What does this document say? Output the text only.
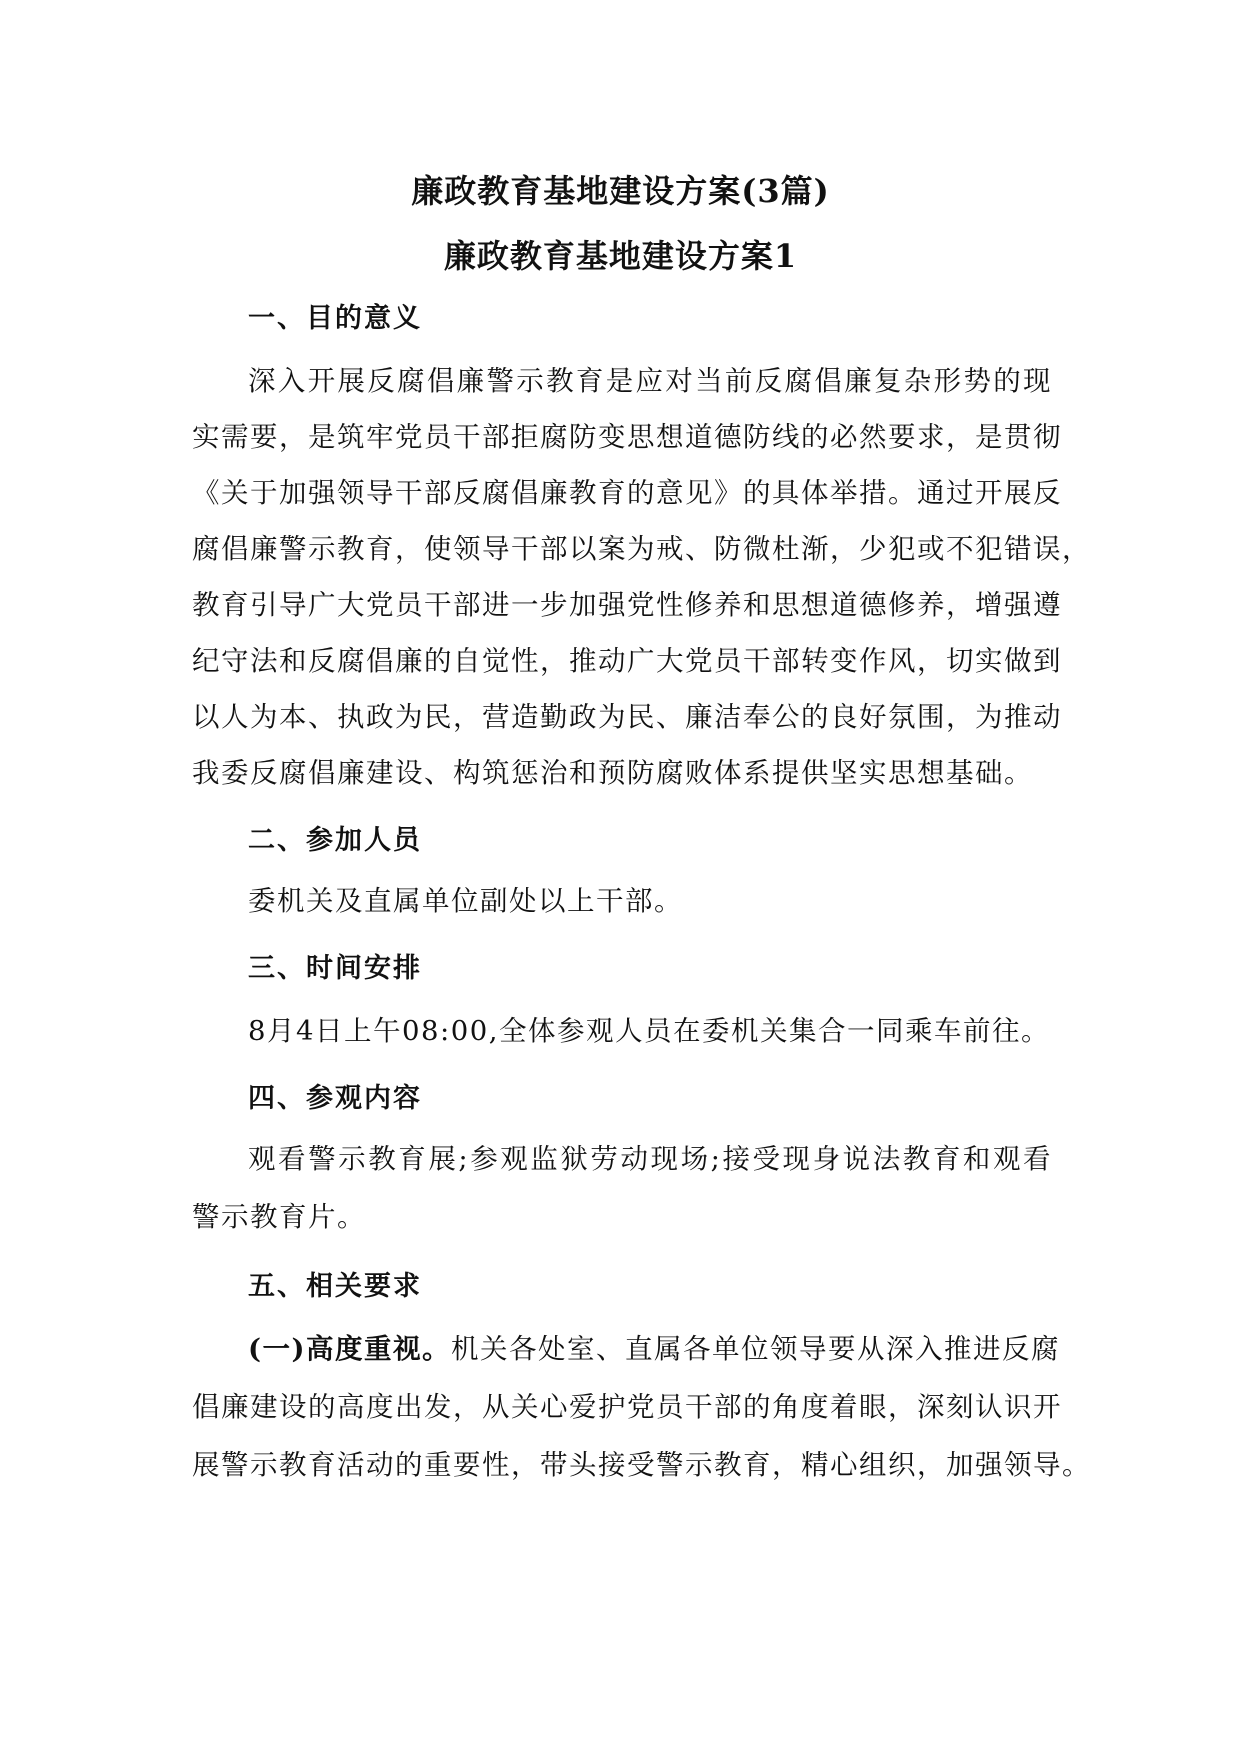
廉政教育基地建设方案(3篇)
廉政教育基地建设方案1
一、目的意义
深入开展反腐倡廉警示教育是应对当前反腐倡廉复杂形势的现
实需要，是筑牢党员干部拒腐防变思想道德防线的必然要求，是贯彻
《关于加强领导干部反腐倡廉教育的意见》的具体举措。通过开展反
腐倡廉警示教育，使领导干部以案为戒、防微杜渐，少犯或不犯错误，
教育引导广大党员干部进一步加强党性修养和思想道德修养，增强遵
纪守法和反腐倡廉的自觉性，推动广大党员干部转变作风，切实做到
以人为本、执政为民，营造勤政为民、廉洁奉公的良好氛围，为推动
我委反腐倡廉建设、构筑惩治和预防腐败体系提供坚实思想基础。
二、参加人员
委机关及直属单位副处以上干部。
三、时间安排
8月4日上午08:00,全体参观人员在委机关集合一同乘车前往。
四、参观内容
观看警示教育展;参观监狱劳动现场;接受现身说法教育和观看
警示教育片。
五、相关要求
(一)高度重视。机关各处室、直属各单位领导要从深入推进反腐
倡廉建设的高度出发，从关心爱护党员干部的角度着眼，深刻认识开
展警示教育活动的重要性，带头接受警示教育，精心组织，加强领导。
